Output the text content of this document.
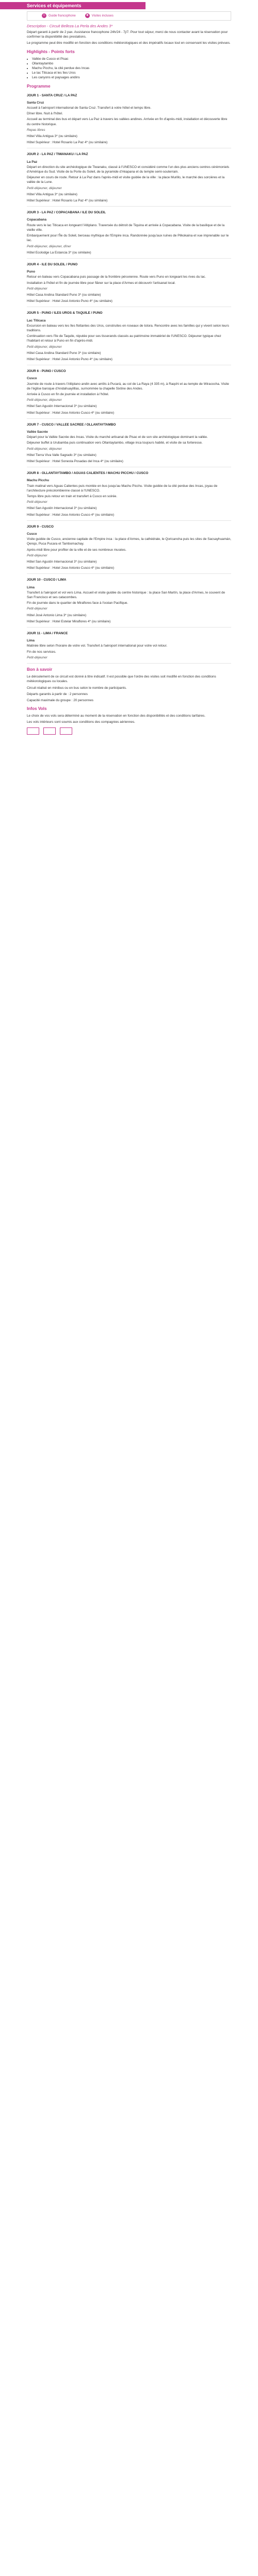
Services et équipements
☺ Guide francophone	■	Visites incluses
Description - Circuit Belleza La Perla des Andes 3*

Départ garanti à partir de 2 pax. Assistance francophone 24h/24 - 7j/7. Pour tout séjour, merci de nous contacter avant la réservation pour confirmer la disponibilité des prestations.

Le programme peut être modifié en fonction des conditions météorologiques et des impératifs locaux tout en conservant les visites prévues.

Highlights - Points forts
• Vallée de Cusco et Pisac
• Ollantaytambo
• Machu Picchu, la cité perdue des Incas
• Le lac Titicaca et les îles Uros
• Les canyons et paysages andins
Programme
JOUR 1 - SANTA CRUZ / LA PAZ
Santa Cruz

Accueil à l'aéroport international de Santa Cruz. Transfert à votre hôtel et temps libre.

Dîner libre. Nuit à l'hôtel.

Accueil au terminal des bus et départ vers La Paz à travers les vallées andines. Arrivée en fin d'après-midi, installation et découverte libre du centre historique.

Repas libres

Hôtel Villa Antigua 3* (ou similaire)

Hôtel Supérieur : Hotel Rosario La Paz 4* (ou similaire)

JOUR 2 - LA PAZ / TIWANAKU / LA PAZ
La Paz

Départ en direction du site archéologique de Tiwanaku, classé à l'UNESCO et considéré comme l'un des plus anciens centres cérémoniels d'Amérique du Sud. Visite de la Porte du Soleil, de la pyramide d'Akapana et du temple semi-souterrain.

Déjeuner en cours de route. Retour à La Paz dans l'après-midi et visite guidée de la ville : la place Murillo, le marché des sorcières et la vallée de la Lune.

Petit-déjeuner, déjeuner

Hôtel Villa Antigua 3* (ou similaire)

Hôtel Supérieur : Hotel Rosario La Paz 4* (ou similaire)

JOUR 3 - LA PAZ / COPACABANA / ILE DU SOLEIL
Copacabana

Route vers le lac Titicaca en longeant l'Altiplano. Traversée du détroit de Tiquina et arrivée à Copacabana. Visite de la basilique et de la vieille ville.

Embarquement pour l'Île du Soleil, berceau mythique de l'Empire inca. Randonnée jusqu'aux ruines de Pilkokaina et vue imprenable sur le lac.

Petit-déjeuner, déjeuner, dîner

Hôtel Ecolodge La Estancia 3* (ou similaire)

JOUR 4 - ILE DU SOLEIL / PUNO
Puno

Retour en bateau vers Copacabana puis passage de la frontière péruvienne. Route vers Puno en longeant les rives du lac.

Installation à l'hôtel et fin de journée libre pour flâner sur la place d'Armes et découvrir l'artisanat local.

Petit-déjeuner

Hôtel Casa Andina Standard Puno 3* (ou similaire)

Hôtel Supérieur : Hotel José Antonio Puno 4* (ou similaire)

JOUR 5 - PUNO / ILES UROS & TAQUILE / PUNO
Lac Titicaca

Excursion en bateau vers les îles flottantes des Uros, construites en roseaux de totora. Rencontre avec les familles qui y vivent selon leurs traditions.

Continuation vers l'île de Taquile, réputée pour ses tisserands classés au patrimoine immatériel de l'UNESCO. Déjeuner typique chez l'habitant et retour à Puno en fin d'après-midi.

Petit-déjeuner, déjeuner

Hôtel Casa Andina Standard Puno 3* (ou similaire)

Hôtel Supérieur : Hotel José Antonio Puno 4* (ou similaire)

JOUR 6 - PUNO / CUSCO
Cusco

Journée de route à travers l'Altiplano andin avec arrêts à Pucará, au col de La Raya (4 335 m), à Raqchi et au temple de Wiracocha. Visite de l'église baroque d'Andahuaylillas, surnommée la chapelle Sixtine des Andes.

Arrivée à Cusco en fin de journée et installation à l'hôtel.

Petit-déjeuner, déjeuner

Hôtel San Agustin Internacional 3* (ou similaire)

Hôtel Supérieur : Hotel Jose Antonio Cusco 4* (ou similaire)

JOUR 7 - CUSCO / VALLEE SACREE / OLLANTAYTAMBO
Vallée Sacrée

Départ pour la Vallée Sacrée des Incas. Visite du marché artisanal de Pisac et de son site archéologique dominant la vallée.

Déjeuner buffet à Urubamba puis continuation vers Ollantaytambo, village inca toujours habité, et visite de sa forteresse.

Petit-déjeuner, déjeuner

Hôtel Tierra Viva Valle Sagrado 3* (ou similaire)

Hôtel Supérieur : Hotel Sonesta Posadas del Inca 4* (ou similaire)

JOUR 8 - OLLANTAYTAMBO / AGUAS CALIENTES / MACHU PICCHU / CUSCO
Machu Picchu

Train matinal vers Aguas Calientes puis montée en bus jusqu'au Machu Picchu. Visite guidée de la cité perdue des Incas, joyau de l'architecture précolombienne classé à l'UNESCO.

Temps libre puis retour en train et transfert à Cusco en soirée.

Petit-déjeuner

Hôtel San Agustin Internacional 3* (ou similaire)

Hôtel Supérieur : Hotel Jose Antonio Cusco 4* (ou similaire)

JOUR 9 - CUSCO
Cusco

Visite guidée de Cusco, ancienne capitale de l'Empire inca : la place d'Armes, la cathédrale, le Qoricancha puis les sites de Sacsayhuamán, Qenqo, Puca Pucara et Tambomachay.

Après-midi libre pour profiter de la ville et de ses nombreux musées.

Petit-déjeuner

Hôtel San Agustin Internacional 3* (ou similaire)

Hôtel Supérieur : Hotel Jose Antonio Cusco 4* (ou similaire)

JOUR 10 - CUSCO / LIMA
Lima

Transfert à l'aéroport et vol vers Lima. Accueil et visite guidée du centre historique : la place San Martín, la place d'Armes, le couvent de San Francisco et ses catacombes.

Fin de journée dans le quartier de Miraflores face à l'océan Pacifique.

Petit-déjeuner

Hôtel José Antonio Lima 3* (ou similaire)

Hôtel Supérieur : Hotel Estelar Miraflores 4* (ou similaire)

JOUR 11 - LIMA / FRANCE
Lima

Matinée libre selon l'horaire de votre vol. Transfert à l'aéroport international pour votre vol retour.

Fin de nos services.

Petit-déjeuner

Bon à savoir

Le déroulement de ce circuit est donné à titre indicatif. Il est possible que l'ordre des visites soit modifié en fonction des conditions météorologiques ou locales.

Circuit réalisé en minibus ou en bus selon le nombre de participants.

Départs garantis à partir de : 2 personnes

Capacité maximale du groupe : 20 personnes

Infos Vols

Le choix de vos vols sera déterminé au moment de la réservation en fonction des disponibilités et des conditions tarifaires.

Les vols intérieurs sont soumis aux conditions des compagnies aériennes.
